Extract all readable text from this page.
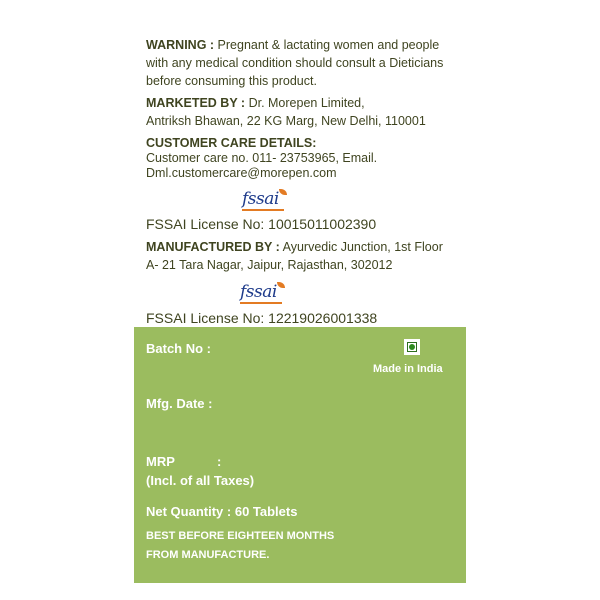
WARNING : Pregnant & lactating women and people
with any medical condition should consult a Dieticians
before consuming this product.
MARKETED BY : Dr. Morepen Limited,
Antriksh Bhawan, 22 KG Marg, New Delhi, 110001
CUSTOMER CARE DETAILS:
Customer care no. 011- 23753965, Email.
Dml.customercare@morepen.com
fssai
FSSAI License No: 10015011002390
MANUFACTURED BY : Ayurvedic Junction, 1st Floor
A- 21 Tara Nagar, Jaipur, Rajasthan, 302012
fssai
FSSAI License No: 12219026001338
Batch No :
Made in India
Mfg. Date :
MRP	:
(Incl. of all Taxes)
Net Quantity : 60 Tablets
BEST BEFORE EIGHTEEN MONTHS
FROM MANUFACTURE.
